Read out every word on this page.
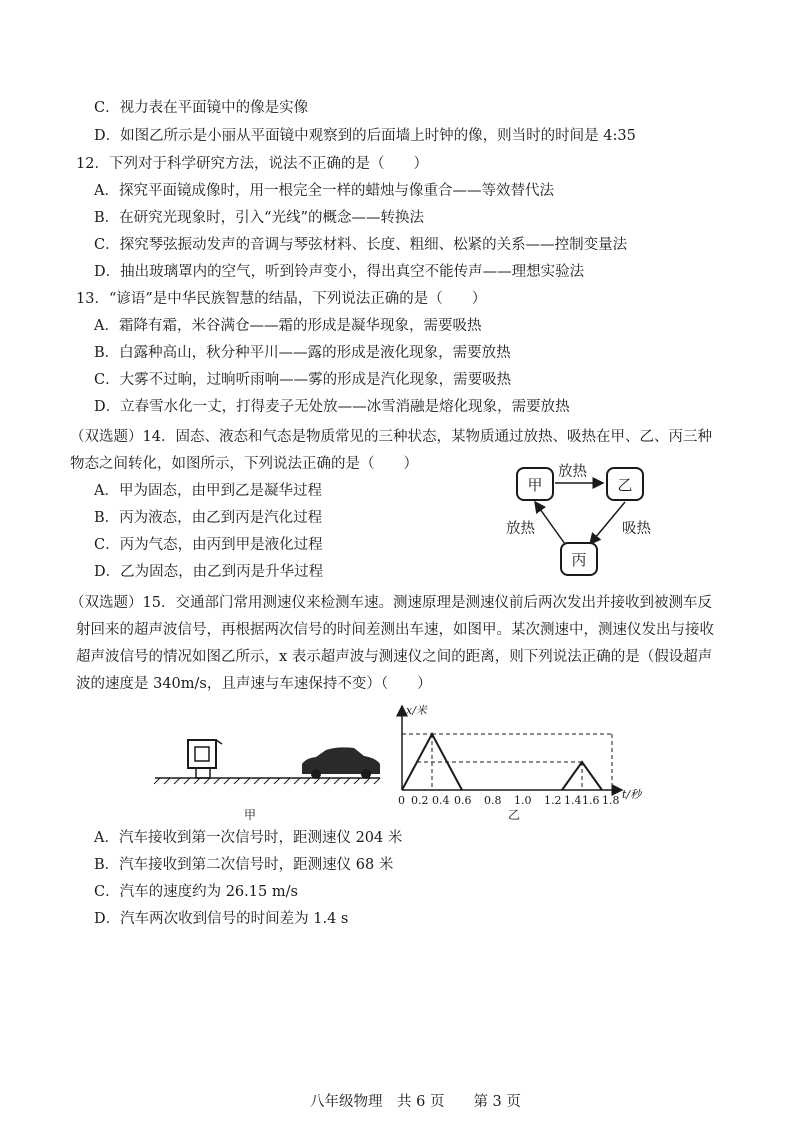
C．视力表在平面镜中的像是实像
D．如图乙所示是小丽从平面镜中观察到的后面墙上时钟的像，则当时的时间是 4:35
12．下列对于科学研究方法，说法不正确的是（　　）
A．探究平面镜成像时，用一根完全一样的蜡烛与像重合——等效替代法
B．在研究光现象时，引入“光线”的概念——转换法
C．探究琴弦振动发声的音调与琴弦材料、长度、粗细、松紧的关系——控制变量法
D．抽出玻璃罩内的空气，听到铃声变小，得出真空不能传声——理想实验法
13．“谚语”是中华民族智慧的结晶，下列说法正确的是（　　）
A．霜降有霜，米谷满仓——霜的形成是凝华现象，需要吸热
B．白露种高山，秋分种平川——露的形成是液化现象，需要放热
C．大雾不过晌，过晌听雨响——雾的形成是汽化现象，需要吸热
D．立春雪水化一丈，打得麦子无处放——冰雪消融是熔化现象，需要放热
（双选题）14．固态、液态和气态是物质常见的三种状态，某物质通过放热、吸热在甲、乙、丙三种
物态之间转化，如图所示，下列说法正确的是（　　）
A．甲为固态，由甲到乙是凝华过程
B．丙为液态，由乙到丙是汽化过程
C．丙为气态，由丙到甲是液化过程
D．乙为固态，由乙到丙是升华过程
甲	乙
丙
放热
吸热
放热
（双选题）15．交通部门常用测速仪来检测车速。测速原理是测速仪前后两次发出并接收到被测车反
射回来的超声波信号，再根据两次信号的时间差测出车速，如图甲。某次测速中，测速仪发出与接收
超声波信号的情况如图乙所示，x 表示超声波与测速仪之间的距离，则下列说法正确的是（假设超声
波的速度是 340m/s，且声速与车速保持不变）（　　）
x/米
t/秒
0 0.2 0.4 0.6 0.8 1.0 1.2 1.4 1.6 1.8
甲	乙
A．汽车接收到第一次信号时，距测速仪 204 米
B．汽车接收到第二次信号时，距测速仪 68 米
C．汽车的速度约为 26.15 m/s
D．汽车两次收到信号的时间差为 1.4 s
八年级物理　共 6 页　　第 3 页
